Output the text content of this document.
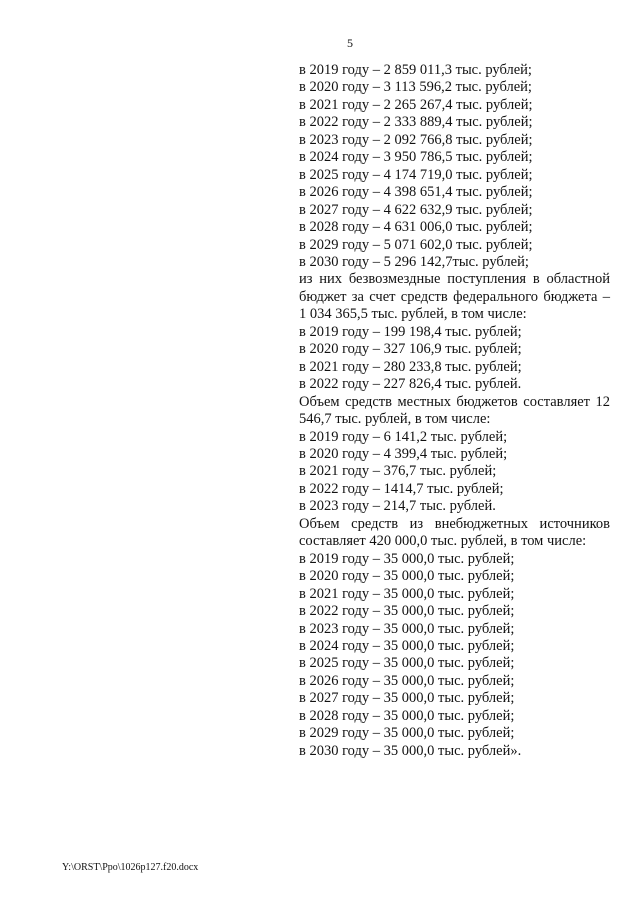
5
в 2019 году – 2 859 011,3 тыс. рублей;
в 2020 году – 3 113 596,2 тыс. рублей;
в 2021 году – 2 265 267,4 тыс. рублей;
в 2022 году – 2 333 889,4 тыс. рублей;
в 2023 году – 2 092 766,8 тыс. рублей;
в 2024 году – 3 950 786,5 тыс. рублей;
в 2025 году – 4 174 719,0 тыс. рублей;
в 2026 году – 4 398 651,4 тыс. рублей;
в 2027 году – 4 622 632,9 тыс. рублей;
в 2028 году – 4 631 006,0 тыс. рублей;
в 2029 году – 5 071 602,0 тыс. рублей;
в 2030 году – 5 296 142,7тыс. рублей;
из них безвозмездные поступления в областной бюджет за счет средств федерального бюджета – 1 034 365,5 тыс. рублей, в том числе:
в 2019 году – 199 198,4 тыс. рублей;
в 2020 году – 327 106,9 тыс. рублей;
в 2021 году – 280 233,8 тыс. рублей;
в 2022 году – 227 826,4 тыс. рублей.
Объем средств местных бюджетов составляет 12 546,7 тыс. рублей, в том числе:
в 2019 году – 6 141,2 тыс. рублей;
в 2020 году – 4 399,4 тыс. рублей;
в 2021 году – 376,7 тыс. рублей;
в 2022 году – 1414,7 тыс. рублей;
в 2023 году – 214,7 тыс. рублей.
Объем средств из внебюджетных источников составляет 420 000,0 тыс. рублей, в том числе:
в 2019 году – 35 000,0 тыс. рублей;
в 2020 году – 35 000,0 тыс. рублей;
в 2021 году – 35 000,0 тыс. рублей;
в 2022 году – 35 000,0 тыс. рублей;
в 2023 году – 35 000,0 тыс. рублей;
в 2024 году – 35 000,0 тыс. рублей;
в 2025 году – 35 000,0 тыс. рублей;
в 2026 году – 35 000,0 тыс. рублей;
в 2027 году – 35 000,0 тыс. рублей;
в 2028 году – 35 000,0 тыс. рублей;
в 2029 году – 35 000,0 тыс. рублей;
в 2030 году – 35 000,0 тыс. рублей».
Y:\ORST\Ppo\1026p127.f20.docx
